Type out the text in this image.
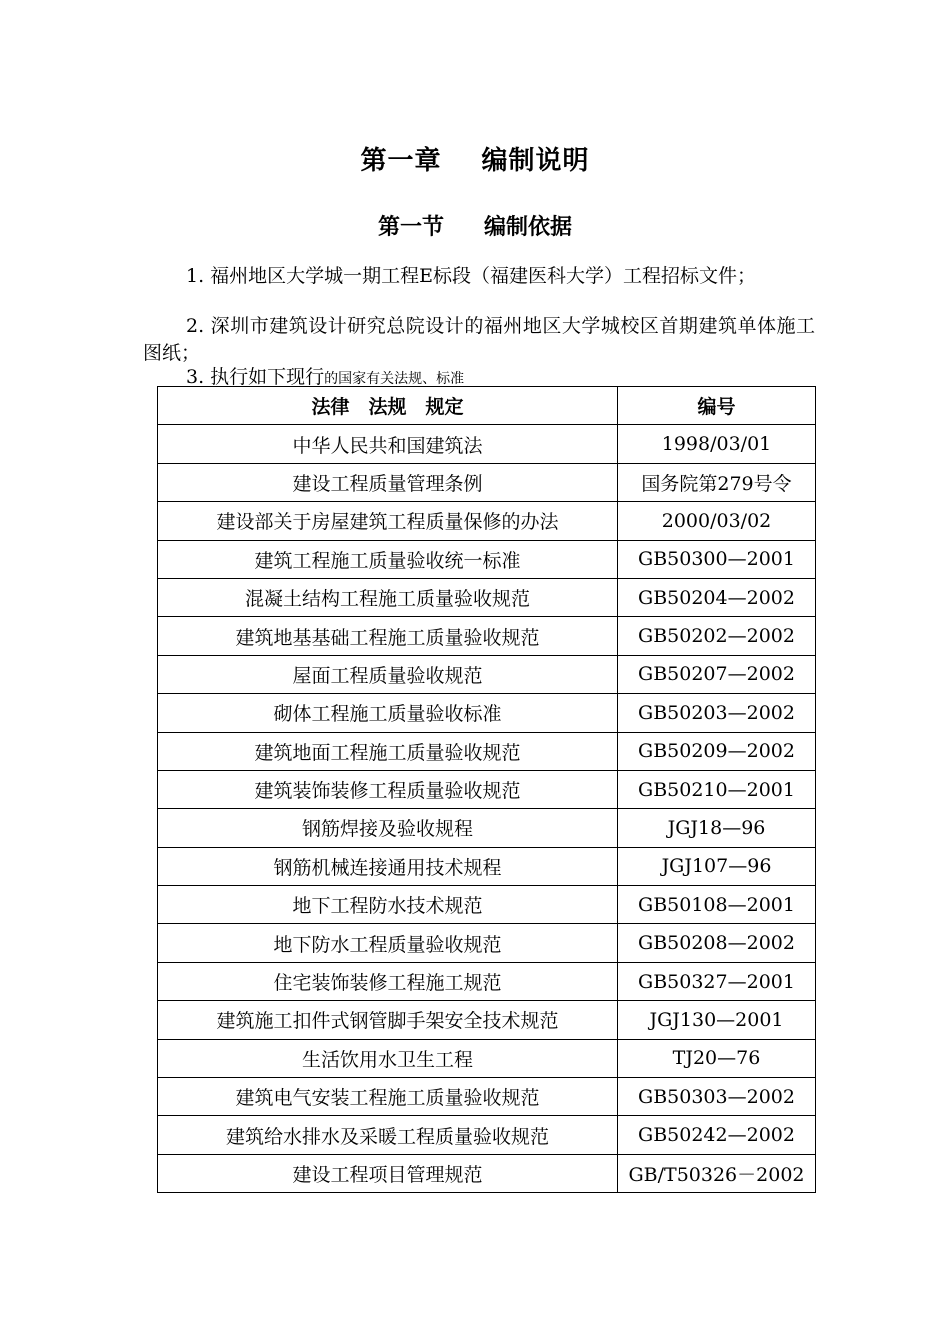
第一章 编制说明
第一节 编制依据

1. 福州地区大学城一期工程E标段（福建医科大学）工程招标文件；

2. 深圳市建筑设计研究总院设计的福州地区大学城校区首期建筑单体施工图纸；

3. 执行如下现行的国家有关法规、标准

法律　法规　规定	编号
中华人民共和国建筑法	1998/03/01
建设工程质量管理条例	国务院第279号令
建设部关于房屋建筑工程质量保修的办法	2000/03/02
建筑工程施工质量验收统一标准	GB50300—2001
混凝土结构工程施工质量验收规范	GB50204—2002
建筑地基基础工程施工质量验收规范	GB50202—2002
屋面工程质量验收规范	GB50207—2002
砌体工程施工质量验收标准	GB50203—2002
建筑地面工程施工质量验收规范	GB50209—2002
建筑装饰装修工程质量验收规范	GB50210—2001
钢筋焊接及验收规程	JGJ18—96
钢筋机械连接通用技术规程	JGJ107—96
地下工程防水技术规范	GB50108—2001
地下防水工程质量验收规范	GB50208—2002
住宅装饰装修工程施工规范	GB50327—2001
建筑施工扣件式钢管脚手架安全技术规范	JGJ130—2001
生活饮用水卫生工程	TJ20—76
建筑电气安装工程施工质量验收规范	GB50303—2002
建筑给水排水及采暖工程质量验收规范	GB50242—2002
建设工程项目管理规范	GB/T50326－2002
